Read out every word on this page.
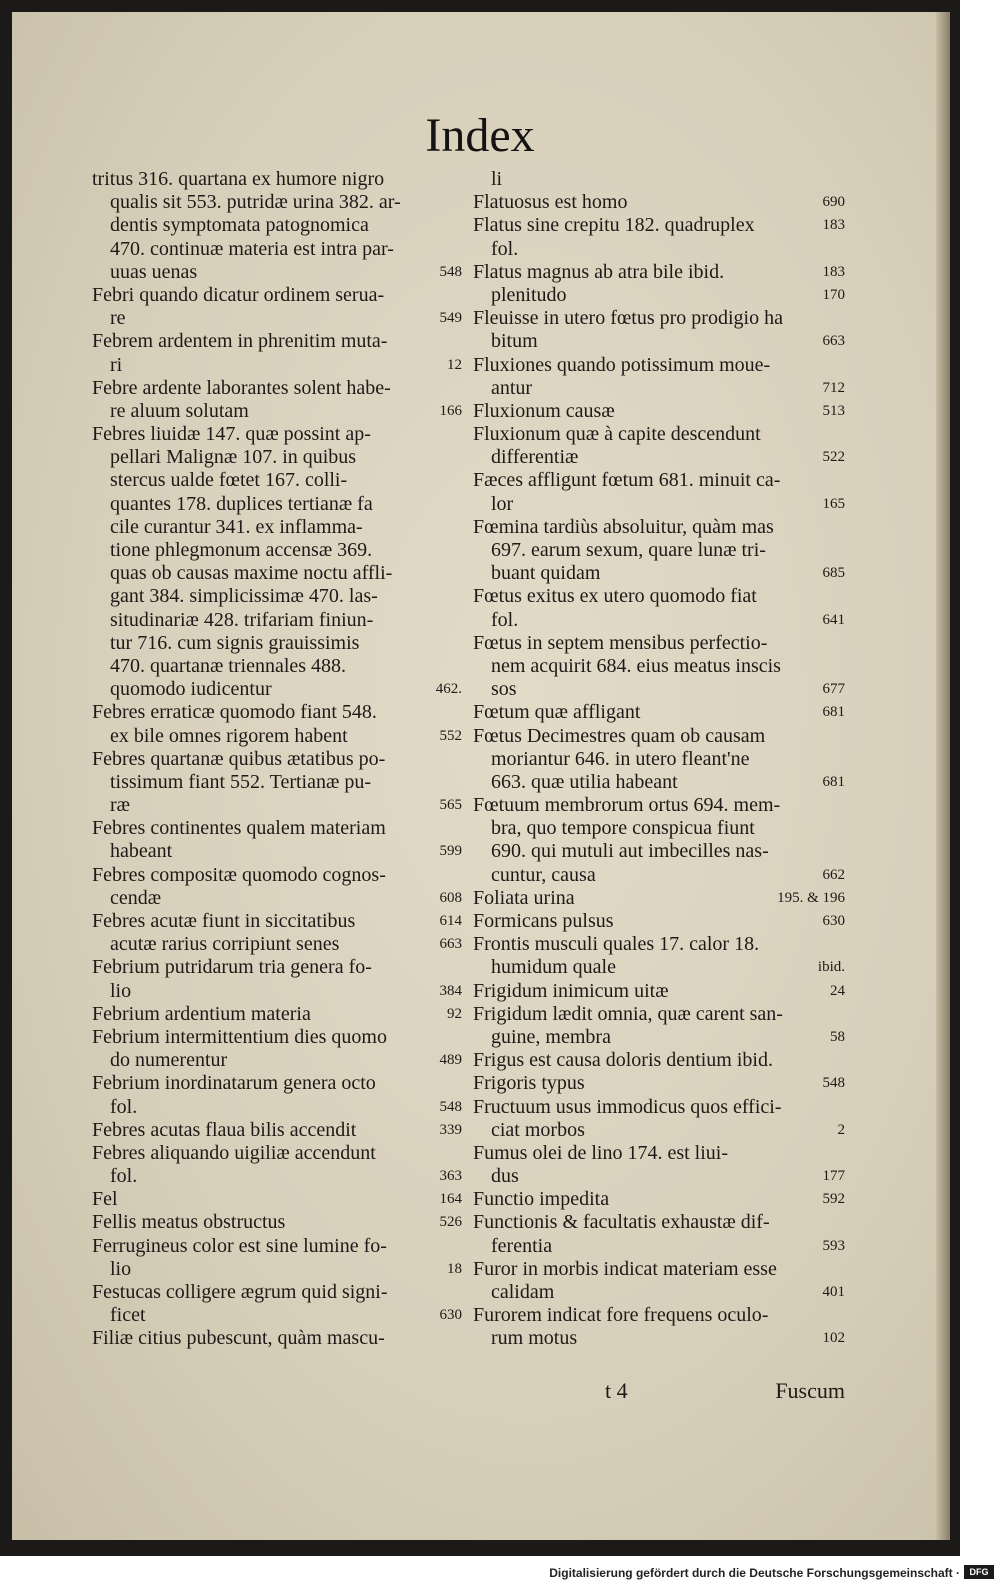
Index
tritus 316. quartana ex humore nigro
qualis sit 553. putridæ urina 382. ar-
dentis symptomata patognomica
470. continuæ materia est intra par-
uuas uenas	548
Febri quando dicatur ordinem serua-
re	549
Febrem ardentem in phrenitim muta-
ri	12
Febre ardente laborantes solent habe-
re aluum solutam	166
Febres liuidæ 147. quæ possint ap-
pellari Malignæ 107. in quibus
stercus ualde fœtet 167. colli-
quantes 178. duplices tertianæ fa
cile curantur 341. ex inflamma-
tione phlegmonum accensæ 369.
quas ob causas maxime noctu affli-
gant 384. simplicissimæ 470. las-
situdinariæ 428. trifariam finiun-
tur 716. cum signis grauissimis
470. quartanæ triennales 488.
quomodo iudicentur	462.
Febres erraticæ quomodo fiant 548.
ex bile omnes rigorem habent	552
Febres quartanæ quibus ætatibus po-
tissimum fiant 552. Tertianæ pu-
ræ	565
Febres continentes qualem materiam
habeant	599
Febres compositæ quomodo cognos-
cendæ	608
Febres acutæ fiunt in siccitatibus	614
acutæ rarius corripiunt senes	663
Febrium putridarum tria genera fo-
lio	384
Febrium ardentium materia	92
Febrium intermittentium dies quomo
do numerentur	489
Febrium inordinatarum genera octo
fol.	548
Febres acutas flaua bilis accendit	339
Febres aliquando uigiliæ accendunt
fol.	363
Fel	164
Fellis meatus obstructus	526
Ferrugineus color est sine lumine fo-
lio	18
Festucas colligere ægrum quid signi-
ficet	630
Filiæ citius pubescunt, quàm mascu-
li
Flatuosus est homo	690
Flatus sine crepitu 182. quadruplex	183
fol.
Flatus magnus ab atra bile ibid.	183
plenitudo	170
Fleuisse in utero fœtus pro prodigio ha
bitum	663
Fluxiones quando potissimum moue-
antur	712
Fluxionum causæ	513
Fluxionum quæ à capite descendunt
differentiæ	522
Fæces affligunt fœtum 681. minuit ca-
lor	165
Fœmina tardiùs absoluitur, quàm mas
697. earum sexum, quare lunæ tri-
buant quidam	685
Fœtus exitus ex utero quomodo fiat
fol.	641
Fœtus in septem mensibus perfectio-
nem acquirit 684. eius meatus inscis
sos	677
Fœtum quæ affligant	681
Fœtus Decimestres quam ob causam
moriantur 646. in utero fleant'ne
663. quæ utilia habeant	681
Fœtuum membrorum ortus 694. mem-
bra, quo tempore conspicua fiunt
690. qui mutuli aut imbecilles nas-
cuntur, causa	662
Foliata urina	195. & 196
Formicans pulsus	630
Frontis musculi quales 17. calor 18.
humidum quale	ibid.
Frigidum inimicum uitæ	24
Frigidum lædit omnia, quæ carent san-
guine, membra	58
Frigus est causa doloris dentium ibid.
Frigoris typus	548
Fructuum usus immodicus quos effici-
ciat morbos	2
Fumus olei de lino 174. est liui-
dus	177
Functio impedita	592
Functionis & facultatis exhaustæ dif-
ferentia	593
Furor in morbis indicat materiam esse
calidam	401
Furorem indicat fore frequens oculo-
rum motus	102
t 4	Fuscum
Digitalisierung gefördert durch die Deutsche Forschungsgemeinschaft ·	DFG
